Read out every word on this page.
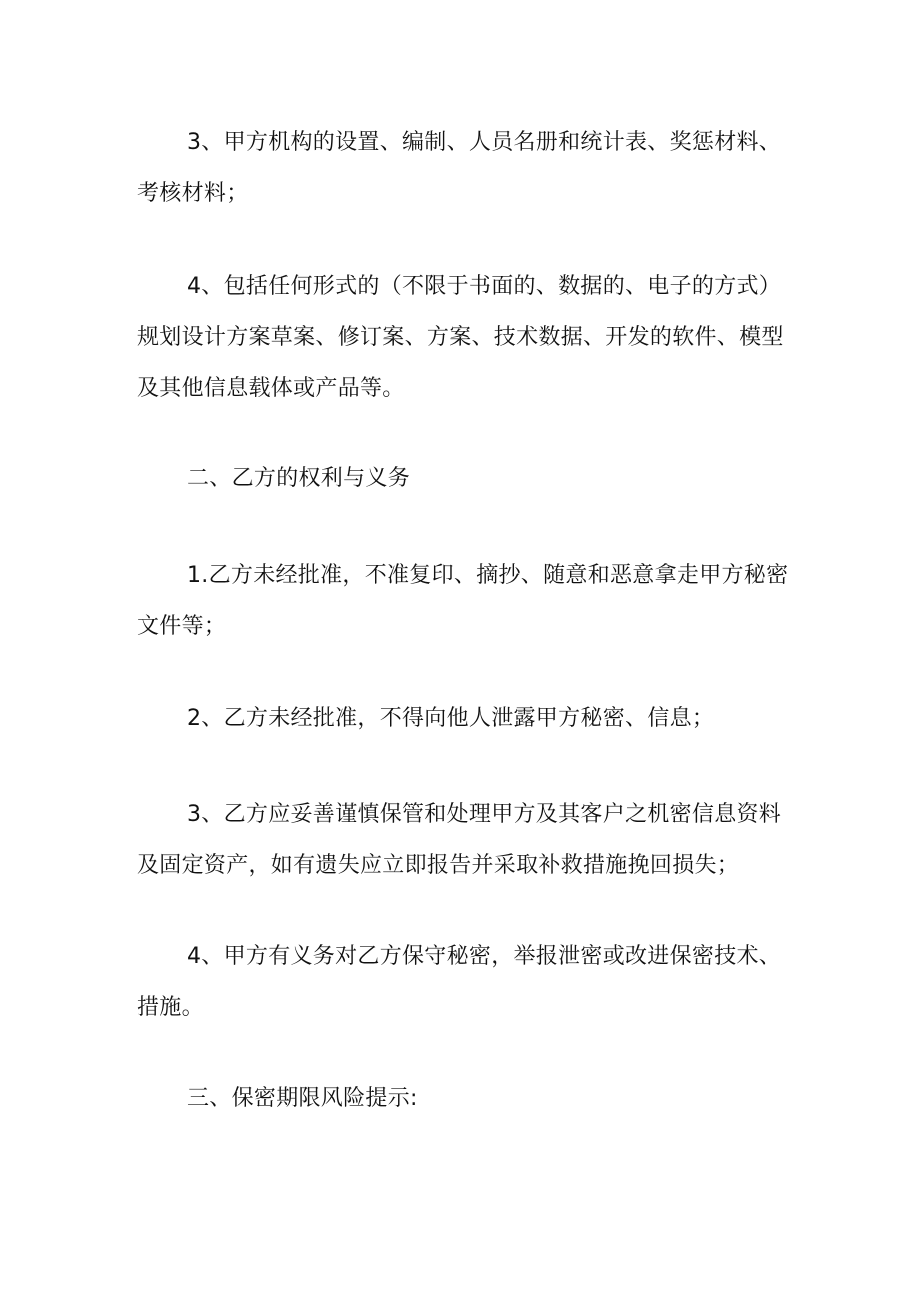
3、甲方机构的设置、编制、人员名册和统计表、奖惩材料、考核材料；

4、包括任何形式的（不限于书面的、数据的、电子的方式）规划设计方案草案、修订案、方案、技术数据、开发的软件、模型及其他信息载体或产品等。

二、乙方的权利与义务

1.乙方未经批准，不准复印、摘抄、随意和恶意拿走甲方秘密文件等；

2、乙方未经批准，不得向他人泄露甲方秘密、信息；

3、乙方应妥善谨慎保管和处理甲方及其客户之机密信息资料及固定资产，如有遗失应立即报告并采取补救措施挽回损失；

4、甲方有义务对乙方保守秘密，举报泄密或改进保密技术、措施。

三、保密期限风险提示:
